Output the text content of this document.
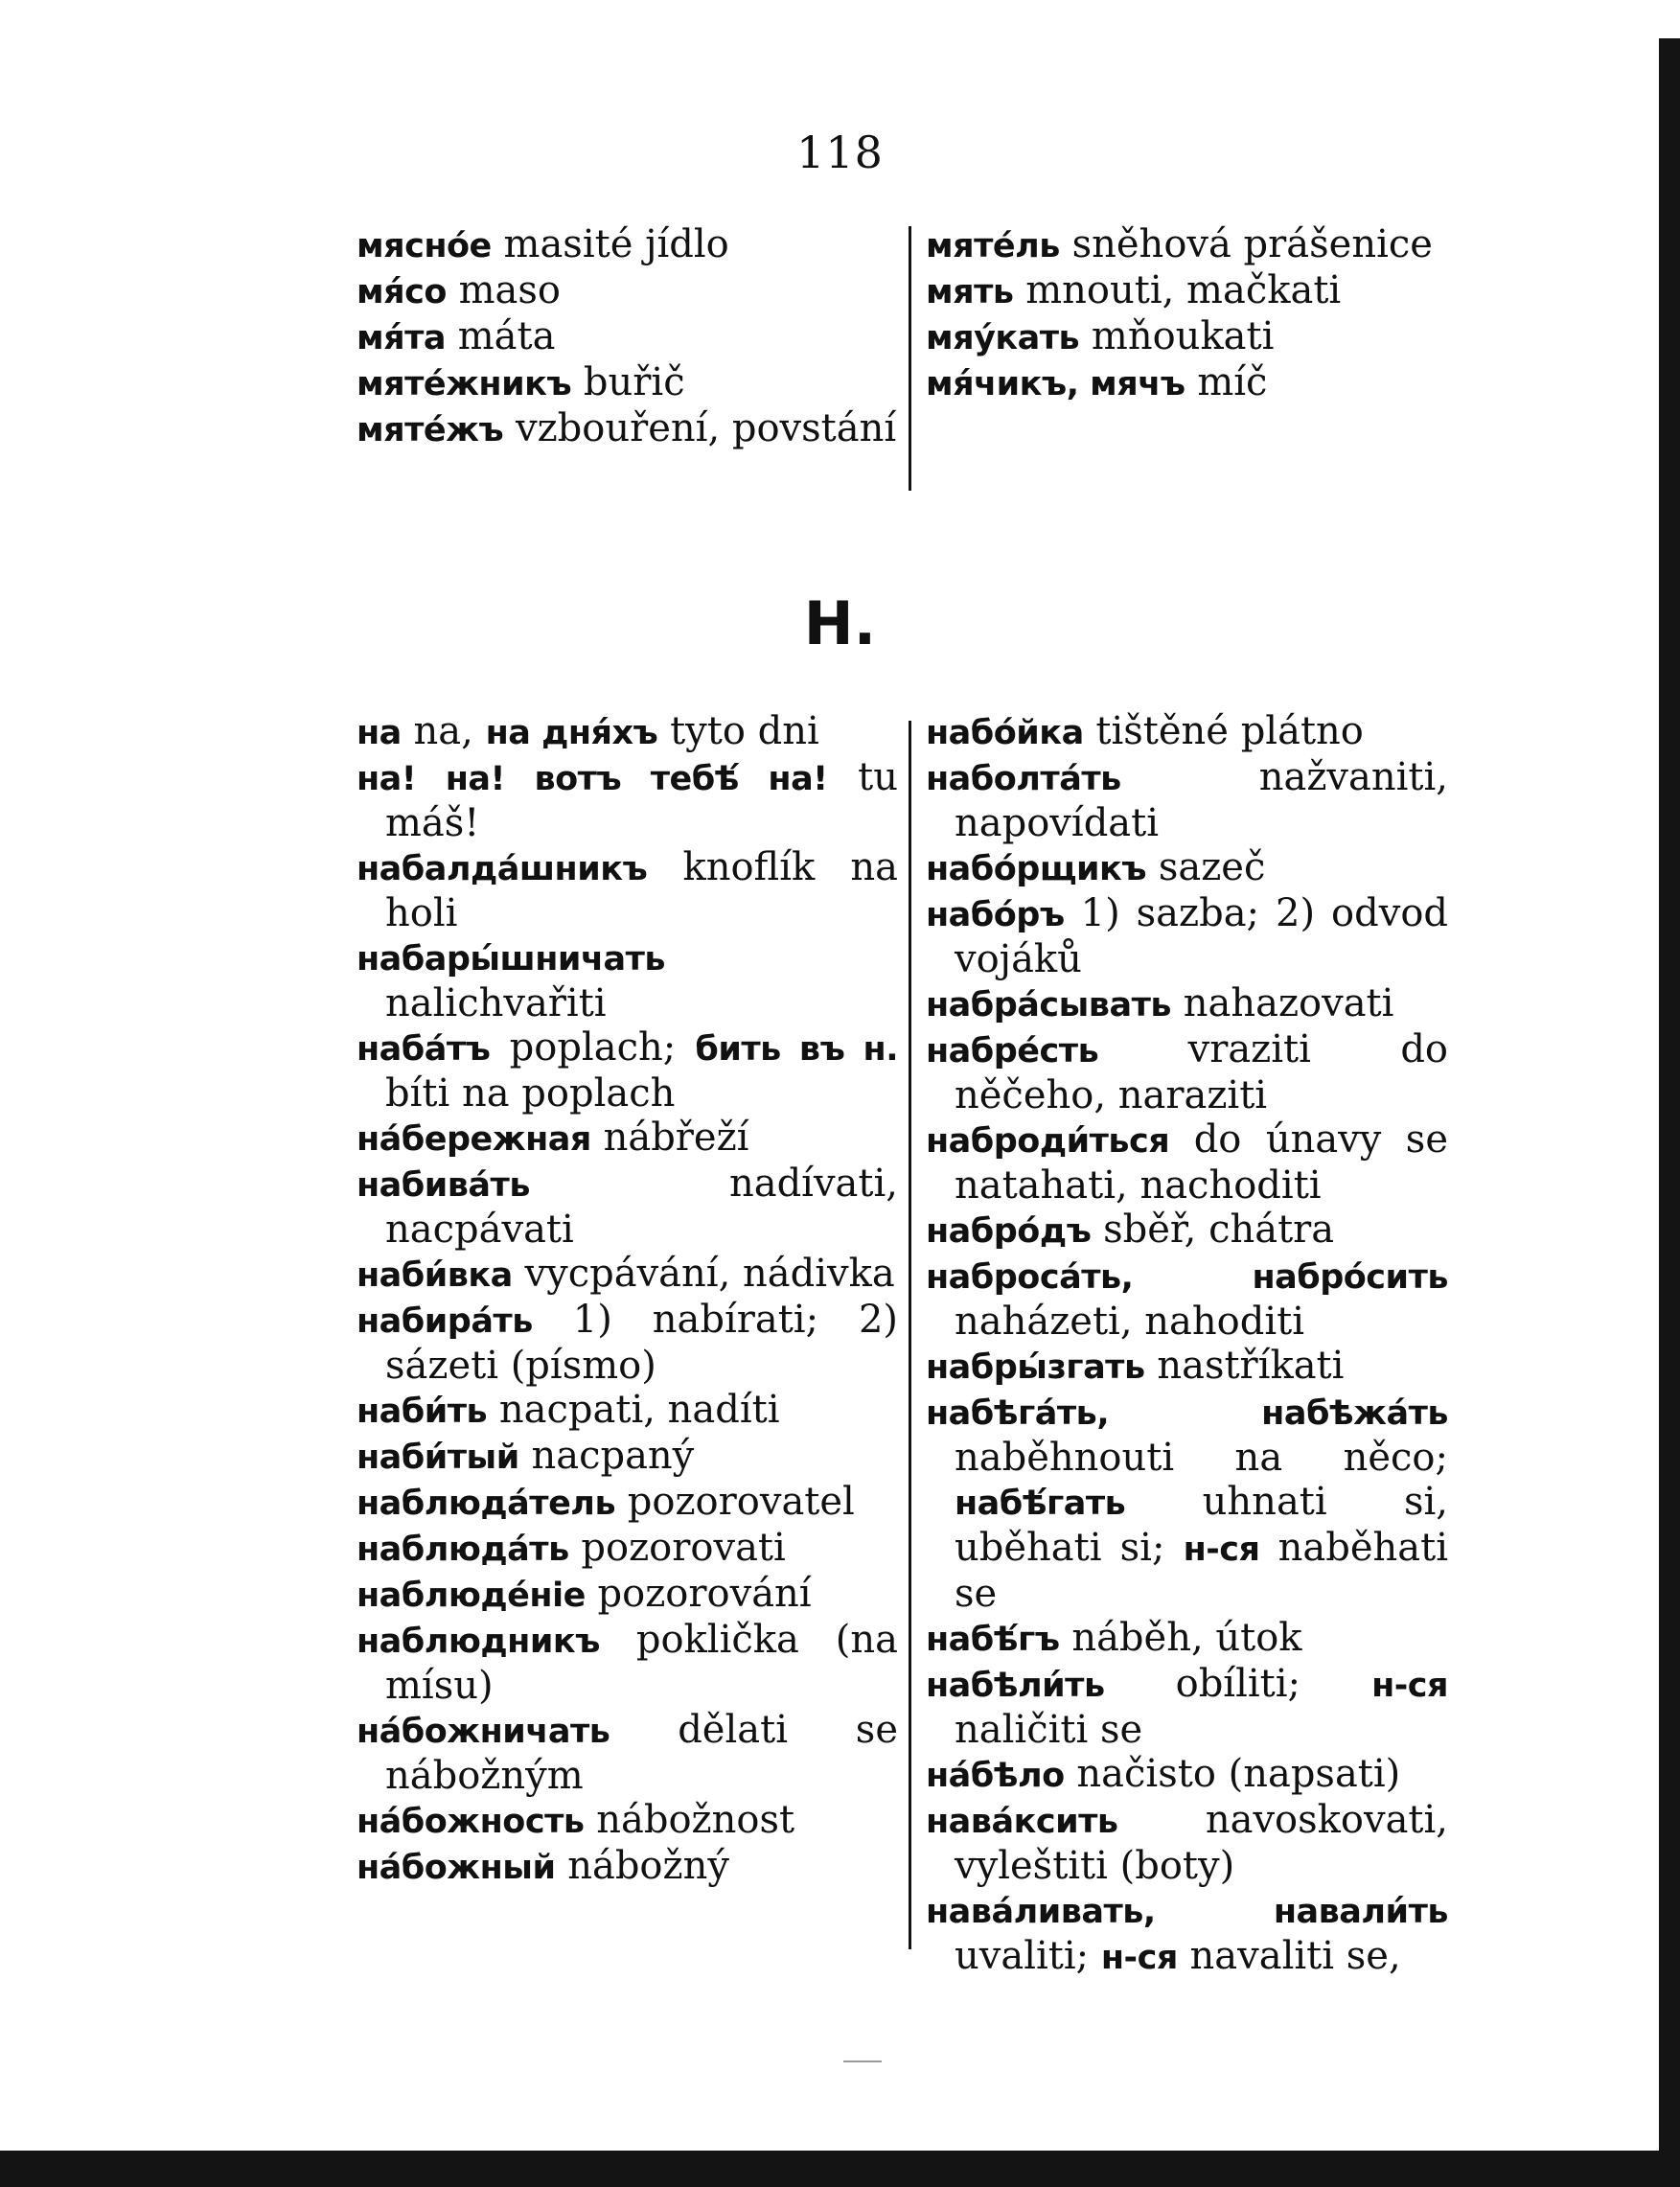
118
мяснóе masité jídlo
мя́со maso
мя́та máta
мятéжникъ buřič
мятéжъ vzbouření, povstání
мятéль sněhová prášenice
мять mnouti, mačkati
мяýкать mňoukati
мя́чикъ, мячъ míč
Н.
на na, на дня́хъ tyto dni
на! на! вотъ тебѣ́ на! tu máš!
набалдáшникъ knoflík na holi
набары́шничать nalichvařiti
набáтъ poplach; бить въ н. bíti na poplach
нáбережная nábřeží
набивáть	nadívati, nacpávati
наби́вка vycpávání, nádivka
набирáть 1) nabírati; 2) sázeti (písmo)
наби́ть nacpati, nadíti
наби́тый nacpaný
наблюдáтель pozorovatel
наблюдáть pozorovati
наблюдéніе pozorování
наблюдникъ poklička (na mísu)
нáбожничать dělati se nábožným
нáбожность nábožnost
нáбожный nábožný
набóйка tištěné plátno
наболтáть	nažvaniti, napovídati
набóрщикъ sazeč
набóръ 1) sazba; 2) odvod vojáků
набрáсывать nahazovati
набрéсть vraziti do něčeho, naraziti
наброди́ться do únavy se natahati, nachoditi
набрóдъ sběř, chátra
набросáть, набрóсить naházeti, nahoditi
набры́згать nastříkati
набѣгáть, набѣжáть naběhnouti na něco; набѣ́гать uhnati si, uběhati si; н-ся naběhati se
набѣ́гъ náběh, útok
набѣли́ть obíliti; н-ся naličiti se
нáбѣло načisto (napsati)
навáксить navoskovati, vyleštiti (boty)
навáливать, навали́ть uvaliti; н-ся navaliti se,
